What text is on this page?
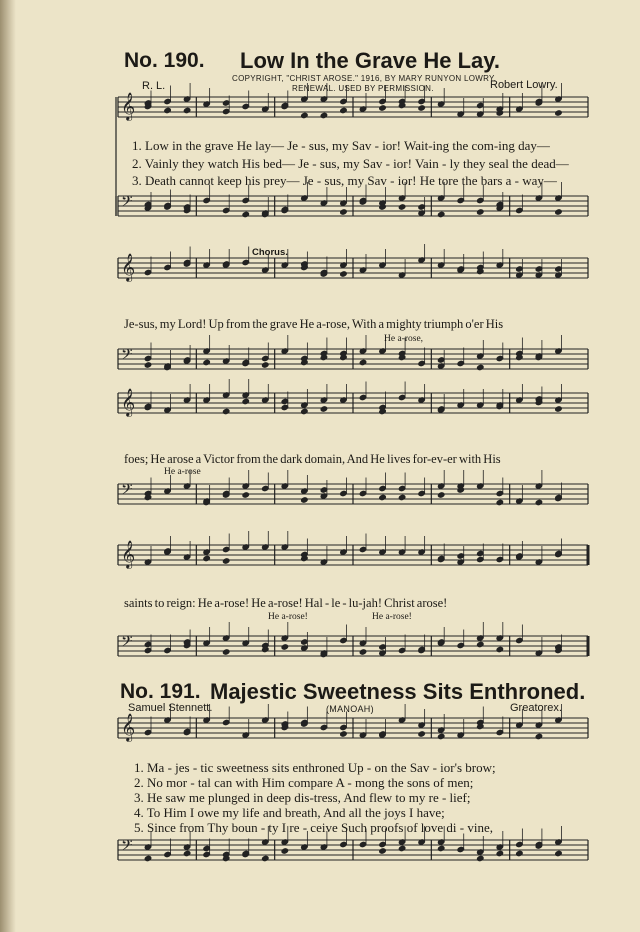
𝄞
𝄢
𝄞
𝄢
𝄞
𝄢
𝄞
𝄢
𝄞
𝄢
No. 190. Low In the Grave He Lay.
R. L.
COPYRIGHT, "CHRIST AROSE." 1916, BY MARY RUNYON LOWRY.
RENEWAL. USED BY PERMISSION.	Robert Lowry.
1. Low in the grave He lay— Je - sus, my Sav - ior! Wait-ing the com-ing day—
2. Vainly they watch His bed— Je - sus, my Sav - ior! Vain - ly they seal the dead—
3. Death cannot keep his prey— Je - sus, my Sav - ior! He tore the bars a - way—
Chorus.
Je-sus, my Lord! Up from the grave He a-rose, With a mighty triumph o'er His
He a-rose,
foes; He arose a Victor from the dark domain, And He lives for-ev-er with His
He a-rose
saints to reign: He a-rose! He a-rose! Hal - le - lu-jah! Christ arose!
He a-rose!	He a-rose!
No. 191. Majestic Sweetness Sits Enthroned.
Samuel Stennett.	(MANOAH)	Greatorex.
1. Ma - jes - tic sweetness sits enthroned Up - on the Sav - ior's brow;
2. No mor - tal can with Him compare A - mong the sons of men;
3. He saw me plunged in deep dis-tress, And flew to my re - lief;
4. To Him I owe my life and breath, And all the joys I have;
5. Since from Thy boun - ty I re - ceive Such proofs of love di - vine,
